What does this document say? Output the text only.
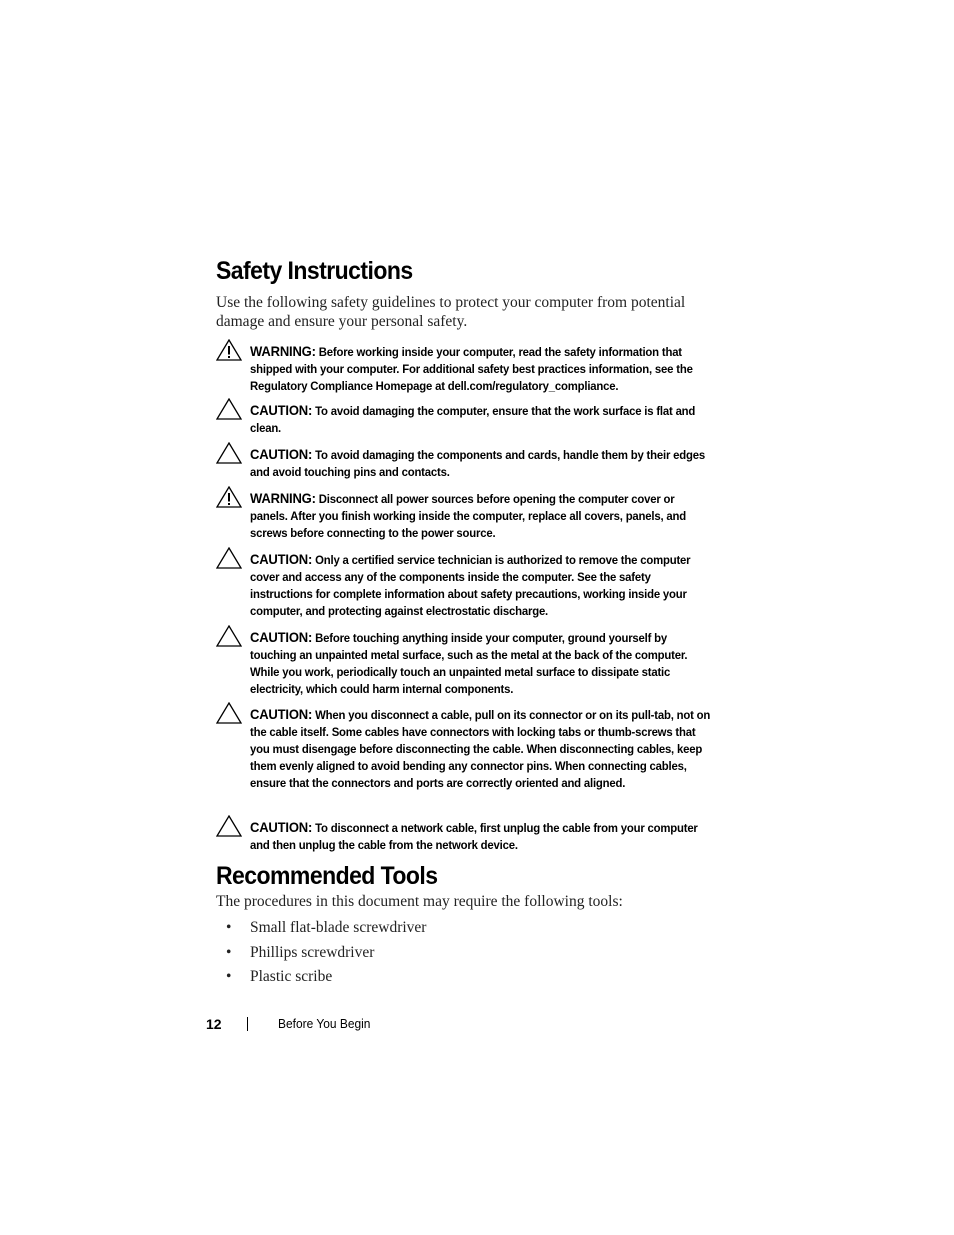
Safety Instructions

Use the following safety guidelines to protect your computer from potential damage and ensure your personal safety.

WARNING: Before working inside your computer, read the safety information that shipped with your computer. For additional safety best practices information, see the Regulatory Compliance Homepage at dell.com/regulatory_compliance.
CAUTION: To avoid damaging the computer, ensure that the work surface is flat and clean.
CAUTION: To avoid damaging the components and cards, handle them by their edges and avoid touching pins and contacts.
WARNING: Disconnect all power sources before opening the computer cover or panels. After you finish working inside the computer, replace all covers, panels, and screws before connecting to the power source.
CAUTION: Only a certified service technician is authorized to remove the computer cover and access any of the components inside the computer. See the safety instructions for complete information about safety precautions, working inside your computer, and protecting against electrostatic discharge.
CAUTION: Before touching anything inside your computer, ground yourself by touching an unpainted metal surface, such as the metal at the back of the computer. While you work, periodically touch an unpainted metal surface to dissipate static electricity, which could harm internal components.
CAUTION: When you disconnect a cable, pull on its connector or on its pull-tab, not on the cable itself. Some cables have connectors with locking tabs or thumb-screws that you must disengage before disconnecting the cable. When disconnecting cables, keep them evenly aligned to avoid bending any connector pins. When connecting cables, ensure that the connectors and ports are correctly oriented and aligned.
CAUTION: To disconnect a network cable, first unplug the cable from your computer and then unplug the cable from the network device.
Recommended Tools

The procedures in this document may require the following tools:

• Small flat-blade screwdriver
• Phillips screwdriver
• Plastic scribe
12	Before You Begin
